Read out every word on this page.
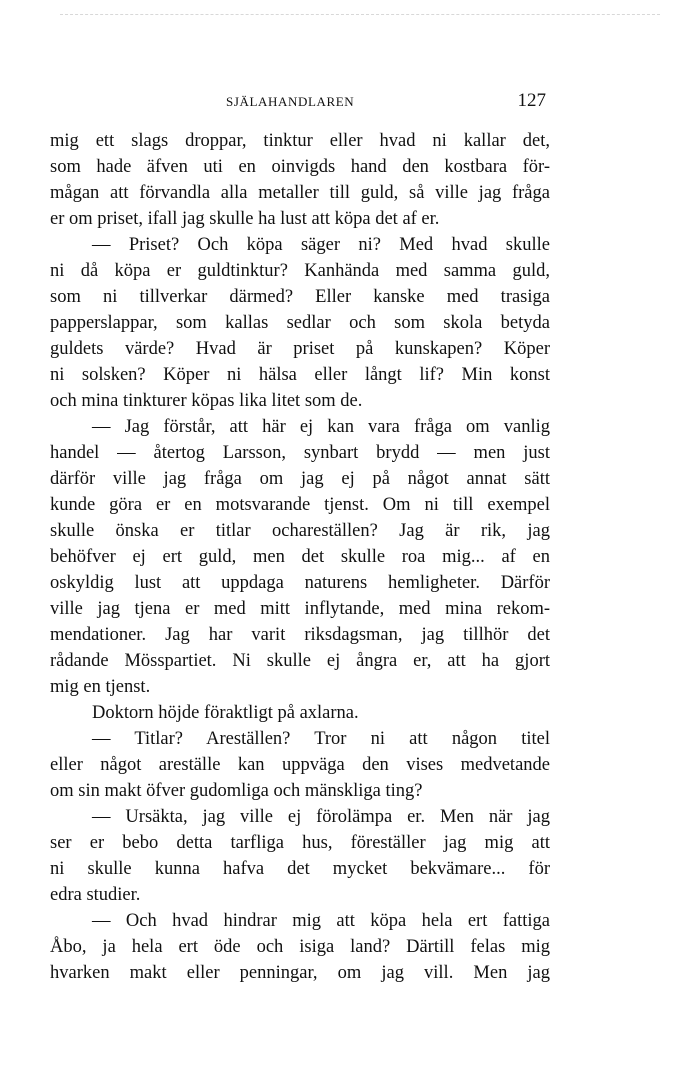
SJÄLAHANDLAREN	127
mig ett slags droppar, tinktur eller hvad ni kallar det,
som hade äfven uti en oinvigds hand den kostbara för-
mågan att förvandla alla metaller till guld, så ville jag fråga
er om priset, ifall jag skulle ha lust att köpa det af er.
— Priset? Och köpa säger ni? Med hvad skulle
ni då köpa er guldtinktur? Kanhända med samma guld,
som ni tillverkar därmed? Eller kanske med trasiga
papperslappar, som kallas sedlar och som skola betyda
guldets värde? Hvad är priset på kunskapen? Köper
ni solsken? Köper ni hälsa eller långt lif? Min konst
och mina tinkturer köpas lika litet som de.
— Jag förstår, att här ej kan vara fråga om vanlig
handel — återtog Larsson, synbart brydd — men just
därför ville jag fråga om jag ej på något annat sätt
kunde göra er en motsvarande tjenst. Om ni till exempel
skulle önska er titlar ochareställen? Jag är rik, jag
behöfver ej ert guld, men det skulle roa mig... af en
oskyldig lust att uppdaga naturens hemligheter. Därför
ville jag tjena er med mitt inflytande, med mina rekom-
mendationer. Jag har varit riksdagsman, jag tillhör det
rådande Mösspartiet. Ni skulle ej ångra er, att ha gjort
mig en tjenst.
Doktorn höjde föraktligt på axlarna.
— Titlar? Areställen? Tror ni att någon titel
eller något areställe kan uppväga den vises medvetande
om sin makt öfver gudomliga och mänskliga ting?
— Ursäkta, jag ville ej förolämpa er. Men när jag
ser er bebo detta tarfliga hus, föreställer jag mig att
ni skulle kunna hafva det mycket bekvämare... för
edra studier.
— Och hvad hindrar mig att köpa hela ert fattiga
Åbo, ja hela ert öde och isiga land? Därtill felas mig
hvarken makt eller penningar, om jag vill. Men jag
